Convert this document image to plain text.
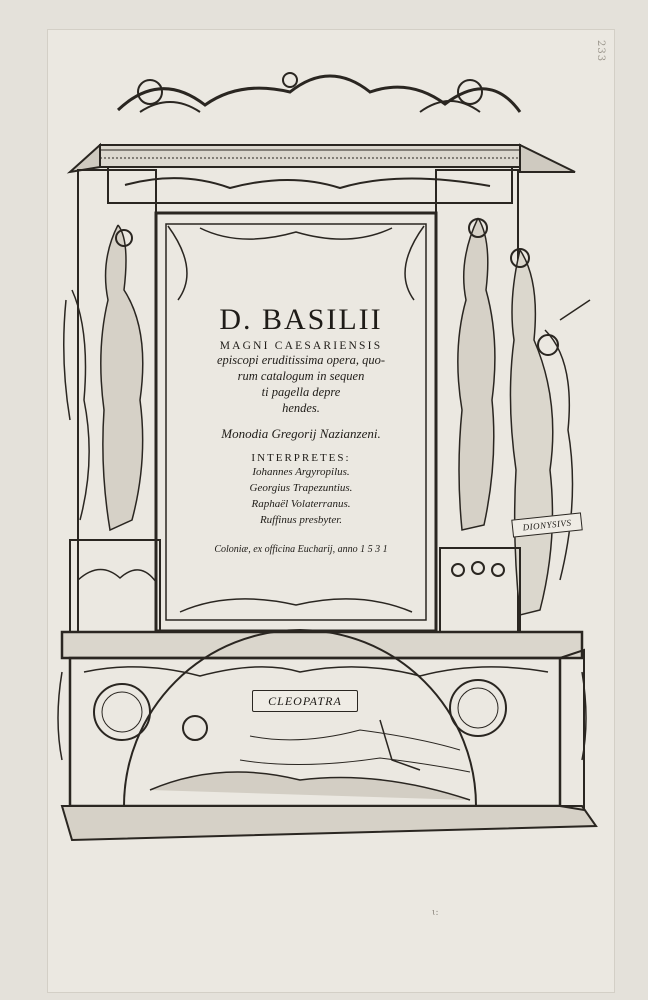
233
ɩ:
D. BASILII
MAGNI CAESARIENSIS
episcopi eruditissima opera, quo-
rum catalogum in sequen
ti pagella depre
hendes.
Monodia Gregorij Nazianzeni.
INTERPRETES:
Iohannes Argyropilus.
Georgius Trapezuntius.
Raphaël Volaterranus.
Ruffinus presbyter.
Coloniæ, ex officina Eucharij, anno 1 5 3 1
CLEOPATRA
DIONYSIVS
